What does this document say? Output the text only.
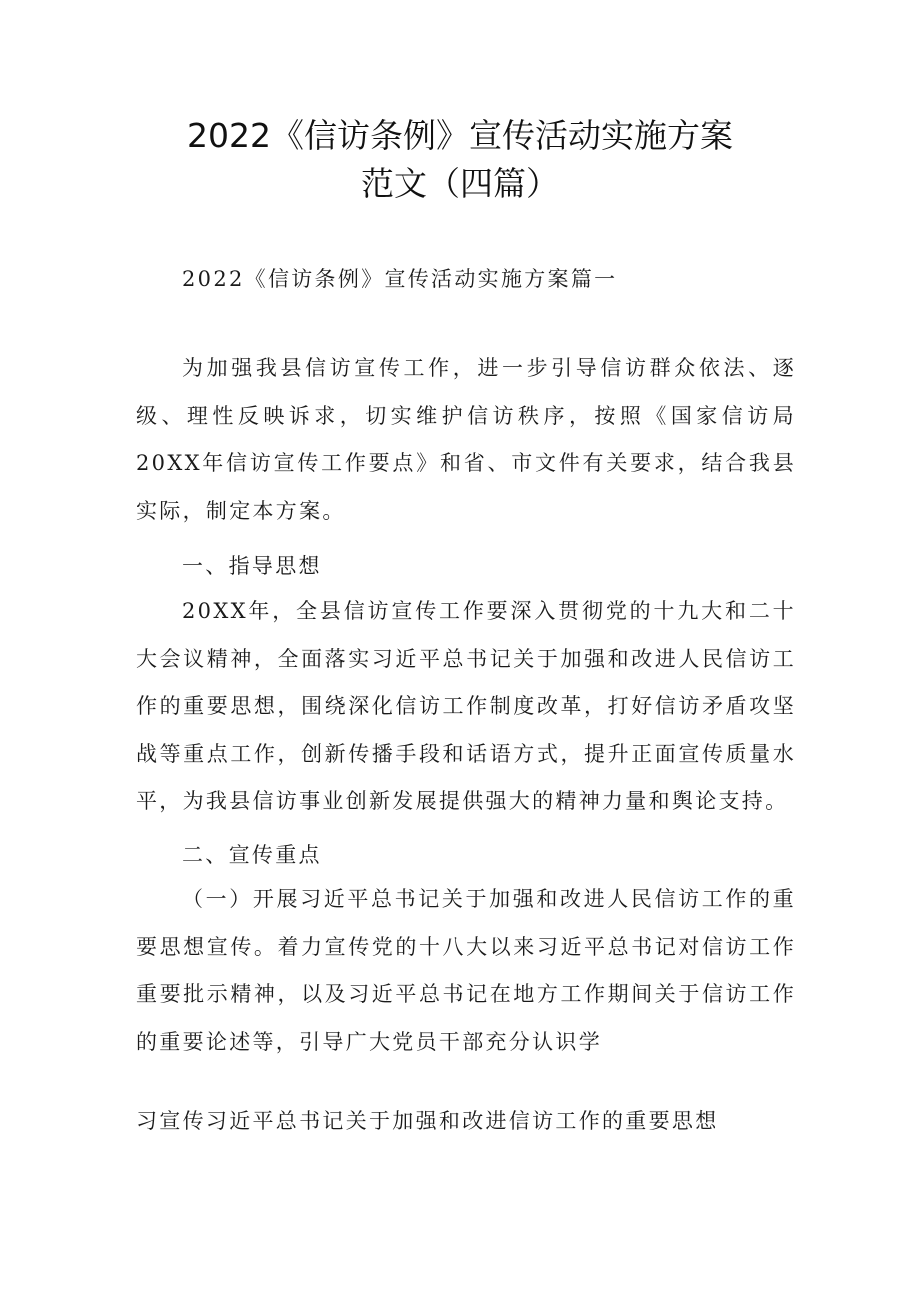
2022《信访条例》宣传活动实施方案
范文（四篇）
2022《信访条例》宣传活动实施方案篇一
为加强我县信访宣传工作，进一步引导信访群众依法、逐级、理性反映诉求，切实维护信访秩序，按照《国家信访局20XX年信访宣传工作要点》和省、市文件有关要求，结合我县实际，制定本方案。
一、指导思想
20XX年，全县信访宣传工作要深入贯彻党的十九大和二十大会议精神，全面落实习近平总书记关于加强和改进人民信访工作的重要思想，围绕深化信访工作制度改革，打好信访矛盾攻坚战等重点工作，创新传播手段和话语方式，提升正面宣传质量水平，为我县信访事业创新发展提供强大的精神力量和舆论支持。
二、宣传重点
（一）开展习近平总书记关于加强和改进人民信访工作的重要思想宣传。着力宣传党的十八大以来习近平总书记对信访工作重要批示精神，以及习近平总书记在地方工作期间关于信访工作的重要论述等，引导广大党员干部充分认识学
习宣传习近平总书记关于加强和改进信访工作的重要思想
